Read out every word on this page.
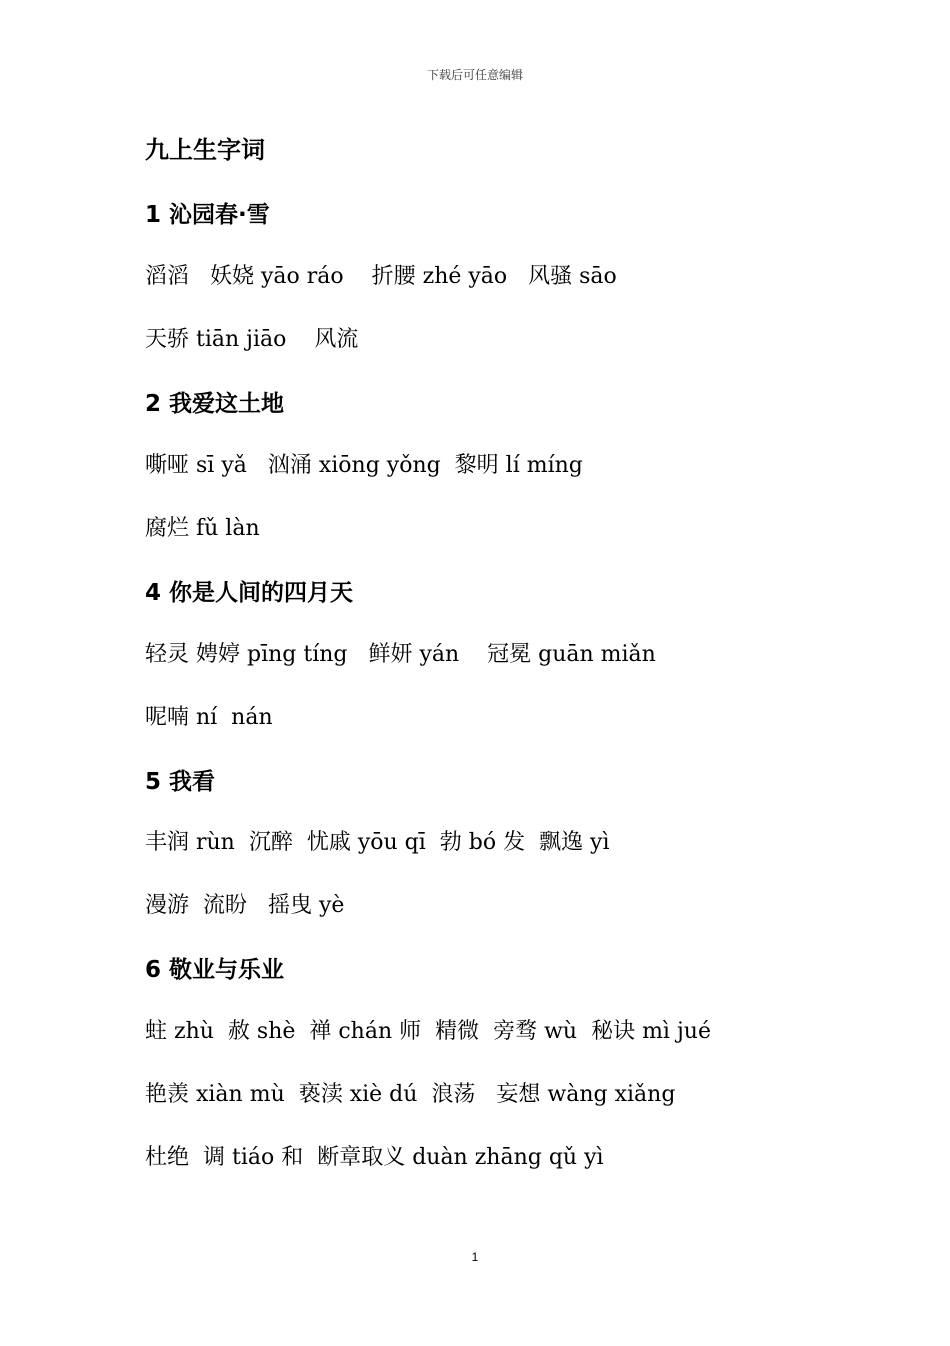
下载后可任意编辑
九上生字词
1 沁园春·雪
滔滔   妖娆 yāo ráo    折腰 zhé yāo   风骚 sāo
天骄 tiān jiāo    风流
2 我爱这土地
嘶哑 sī yǎ   汹涌 xiōng yǒng  黎明 lí míng
腐烂 fǔ làn
4 你是人间的四月天
轻灵 娉婷 pīng tíng   鲜妍 yán    冠冕 guān miǎn
呢喃 ní  nán
5 我看
丰润 rùn  沉醉  忧戚 yōu qī  勃 bó 发  飘逸 yì
漫游  流盼   摇曳 yè
6 敬业与乐业
蛀 zhù  赦 shè  禅 chán 师  精微  旁骛 wù  秘诀 mì jué
艳羡 xiàn mù  亵渎 xiè dú  浪荡   妄想 wàng xiǎng
杜绝  调 tiáo 和  断章取义 duàn zhāng qǔ yì
1
